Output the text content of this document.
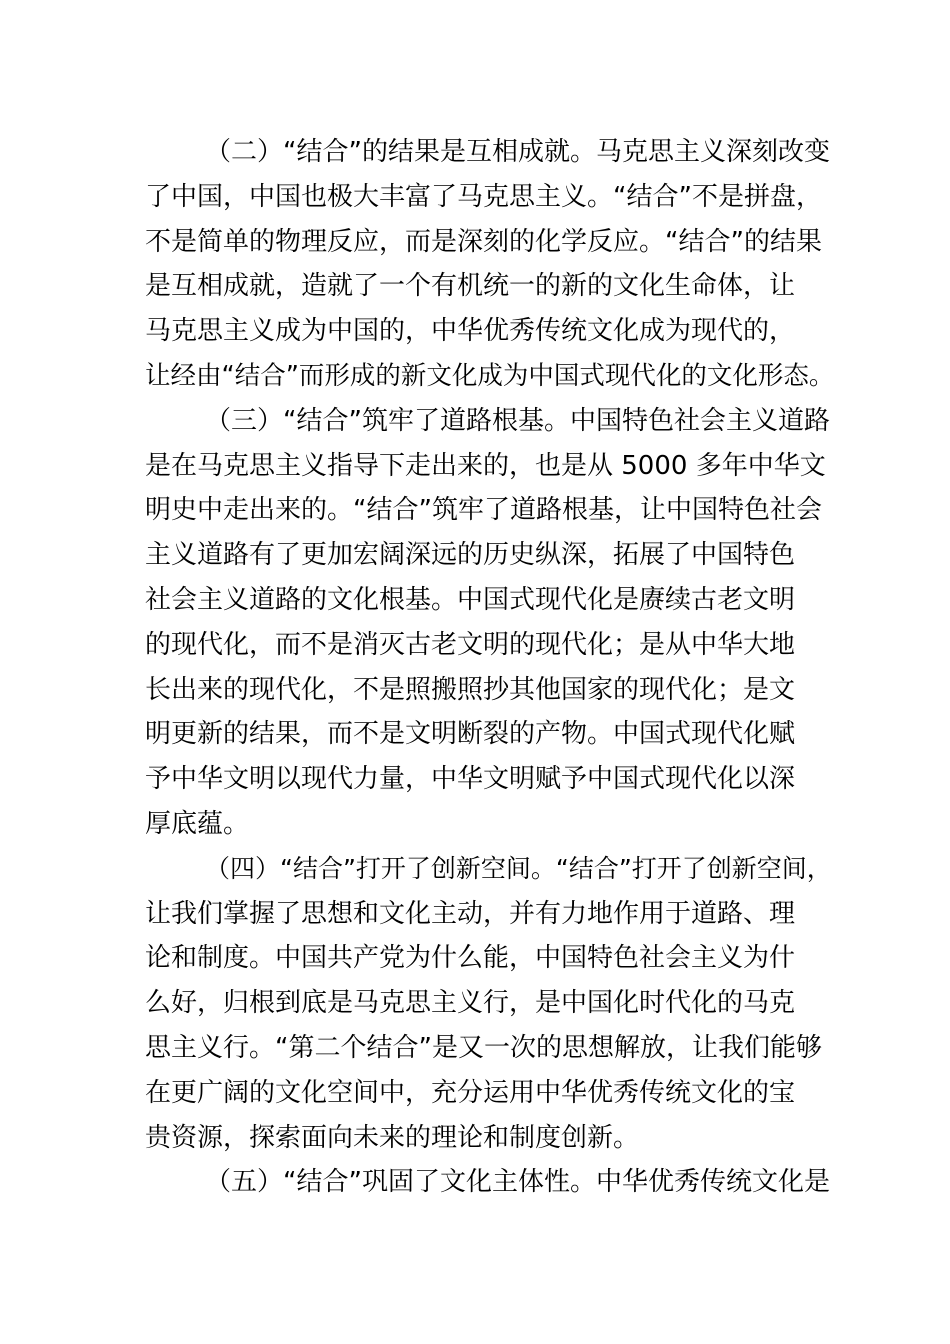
（二）“结合”的结果是互相成就。马克思主义深刻改变
了中国，中国也极大丰富了马克思主义。“结合”不是拼盘，
不是简单的物理反应，而是深刻的化学反应。“结合”的结果
是互相成就，造就了一个有机统一的新的文化生命体，让
马克思主义成为中国的，中华优秀传统文化成为现代的，
让经由“结合”而形成的新文化成为中国式现代化的文化形态。
（三）“结合”筑牢了道路根基。中国特色社会主义道路
是在马克思主义指导下走出来的，也是从 5000 多年中华文
明史中走出来的。“结合”筑牢了道路根基，让中国特色社会
主义道路有了更加宏阔深远的历史纵深，拓展了中国特色
社会主义道路的文化根基。中国式现代化是赓续古老文明
的现代化，而不是消灭古老文明的现代化；是从中华大地
长出来的现代化，不是照搬照抄其他国家的现代化；是文
明更新的结果，而不是文明断裂的产物。中国式现代化赋
予中华文明以现代力量，中华文明赋予中国式现代化以深
厚底蕴。
（四）“结合”打开了创新空间。“结合”打开了创新空间，
让我们掌握了思想和文化主动，并有力地作用于道路、理
论和制度。中国共产党为什么能，中国特色社会主义为什
么好，归根到底是马克思主义行，是中国化时代化的马克
思主义行。“第二个结合”是又一次的思想解放，让我们能够
在更广阔的文化空间中，充分运用中华优秀传统文化的宝
贵资源，探索面向未来的理论和制度创新。
（五）“结合”巩固了文化主体性。中华优秀传统文化是
